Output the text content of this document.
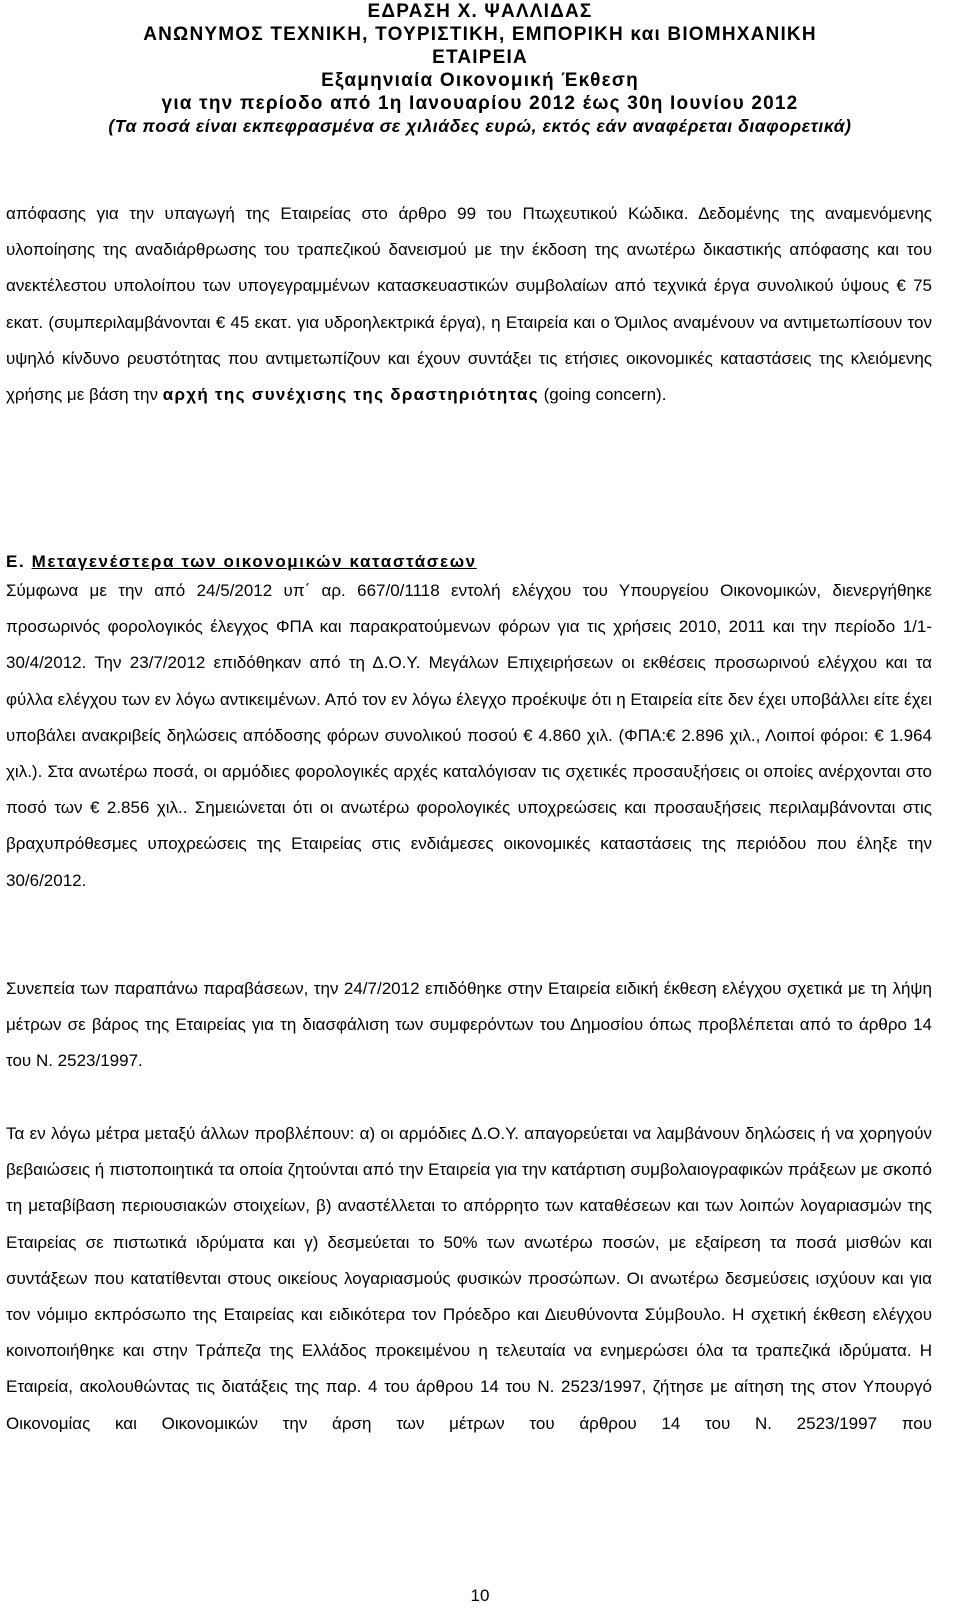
ΕΔΡΑΣΗ Χ. ΨΑΛΛΙΔΑΣ
ΑΝΩΝΥΜΟΣ ΤΕΧΝΙΚΗ, ΤΟΥΡΙΣΤΙΚΗ, ΕΜΠΟΡΙΚΗ και ΒΙΟΜΗΧΑΝΙΚΗ
ΕΤΑΙΡΕΙΑ
Εξαμηνιαία Οικονομική Έκθεση
για την περίοδο από 1η Ιανουαρίου 2012 έως 30η Ιουνίου 2012
(Τα ποσά είναι εκπεφρασμένα σε χιλιάδες ευρώ, εκτός εάν αναφέρεται διαφορετικά)
απόφασης για την υπαγωγή της Εταιρείας στο άρθρο 99 του Πτωχευτικού Κώδικα. Δεδομένης της αναμενόμενης υλοποίησης της αναδιάρθρωσης του τραπεζικού δανεισμού με την έκδοση της ανωτέρω δικαστικής απόφασης και του ανεκτέλεστου υπολοίπου των υπογεγραμμένων κατασκευαστικών συμβολαίων από τεχνικά έργα συνολικού ύψους € 75 εκατ. (συμπεριλαμβάνονται € 45 εκατ. για υδροηλεκτρικά έργα), η Εταιρεία και ο Όμιλος αναμένουν να αντιμετωπίσουν τον υψηλό κίνδυνο ρευστότητας που αντιμετωπίζουν και έχουν συντάξει τις ετήσιες οικονομικές καταστάσεις της κλειόμενης χρήσης με βάση την αρχή της συνέχισης της δραστηριότητας (going concern).
Ε. Μεταγενέστερα των οικονομικών καταστάσεων
Σύμφωνα με την από 24/5/2012 υπ΄ αρ. 667/0/1118 εντολή ελέγχου του Υπουργείου Οικονομικών, διενεργήθηκε προσωρινός φορολογικός έλεγχος ΦΠΑ και παρακρατούμενων φόρων για τις χρήσεις 2010, 2011 και την περίοδο 1/1-30/4/2012. Την 23/7/2012 επιδόθηκαν από τη Δ.Ο.Υ. Μεγάλων Επιχειρήσεων οι εκθέσεις προσωρινού ελέγχου και τα φύλλα ελέγχου των εν λόγω αντικειμένων. Από τον εν λόγω έλεγχο προέκυψε ότι η Εταιρεία είτε δεν έχει υποβάλλει είτε έχει υποβάλει ανακριβείς δηλώσεις απόδοσης φόρων συνολικού ποσού € 4.860 χιλ. (ΦΠΑ:€ 2.896 χιλ., Λοιποί φόροι: € 1.964 χιλ.). Στα ανωτέρω ποσά, οι αρμόδιες φορολογικές αρχές καταλόγισαν τις σχετικές προσαυξήσεις οι οποίες ανέρχονται στο ποσό των € 2.856 χιλ.. Σημειώνεται ότι οι ανωτέρω φορολογικές υποχρεώσεις και προσαυξήσεις περιλαμβάνονται στις βραχυπρόθεσμες υποχρεώσεις της Εταιρείας στις ενδιάμεσες οικονομικές καταστάσεις της περιόδου που έληξε την 30/6/2012.
Συνεπεία των παραπάνω παραβάσεων, την 24/7/2012 επιδόθηκε στην Εταιρεία ειδική έκθεση ελέγχου σχετικά με τη λήψη μέτρων σε βάρος της Εταιρείας για τη διασφάλιση των συμφερόντων του Δημοσίου όπως προβλέπεται από το άρθρο 14 του Ν. 2523/1997.
Τα εν λόγω μέτρα μεταξύ άλλων προβλέπουν: α) οι αρμόδιες Δ.Ο.Υ. απαγορεύεται να λαμβάνουν δηλώσεις ή να χορηγούν βεβαιώσεις ή πιστοποιητικά τα οποία ζητούνται από την Εταιρεία για την κατάρτιση συμβολαιογραφικών πράξεων με σκοπό τη μεταβίβαση περιουσιακών στοιχείων, β) αναστέλλεται το απόρρητο των καταθέσεων και των λοιπών λογαριασμών της Εταιρείας σε πιστωτικά ιδρύματα και γ) δεσμεύεται το 50% των ανωτέρω ποσών, με εξαίρεση τα ποσά μισθών και συντάξεων που κατατίθενται στους οικείους λογαριασμούς φυσικών προσώπων. Οι ανωτέρω δεσμεύσεις ισχύουν και για τον νόμιμο εκπρόσωπο της Εταιρείας και ειδικότερα τον Πρόεδρο και Διευθύνοντα Σύμβουλο. Η σχετική έκθεση ελέγχου κοινοποιήθηκε και στην Τράπεζα της Ελλάδος προκειμένου η τελευταία να ενημερώσει όλα τα τραπεζικά ιδρύματα. Η Εταιρεία, ακολουθώντας τις διατάξεις της παρ. 4 του άρθρου 14 του Ν. 2523/1997, ζήτησε με αίτηση της στον Υπουργό Οικονομίας και Οικονομικών την άρση των μέτρων του άρθρου 14 του Ν. 2523/1997 που
10
